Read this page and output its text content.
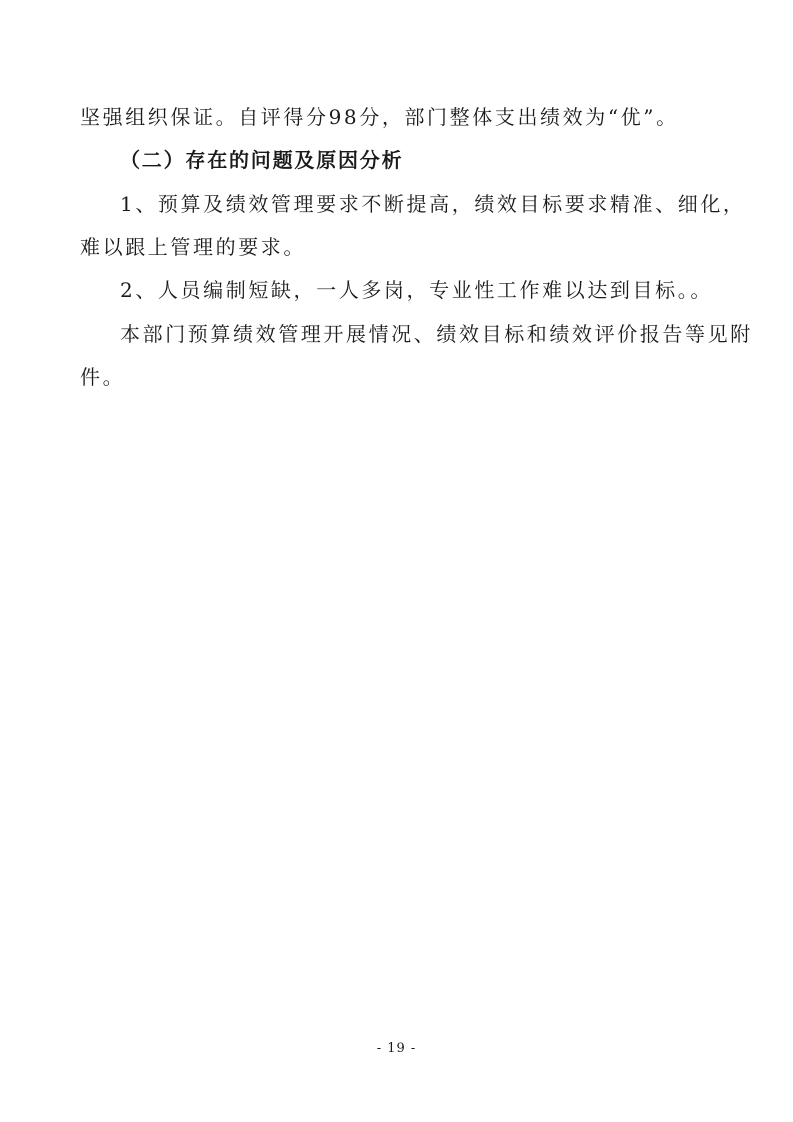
坚强组织保证。自评得分98分，部门整体支出绩效为“优”。
（二）存在的问题及原因分析
1、预算及绩效管理要求不断提高，绩效目标要求精准、细化，
难以跟上管理的要求。
2、人员编制短缺，一人多岗，专业性工作难以达到目标。。
本部门预算绩效管理开展情况、绩效目标和绩效评价报告等见附
件。
- 19 -
